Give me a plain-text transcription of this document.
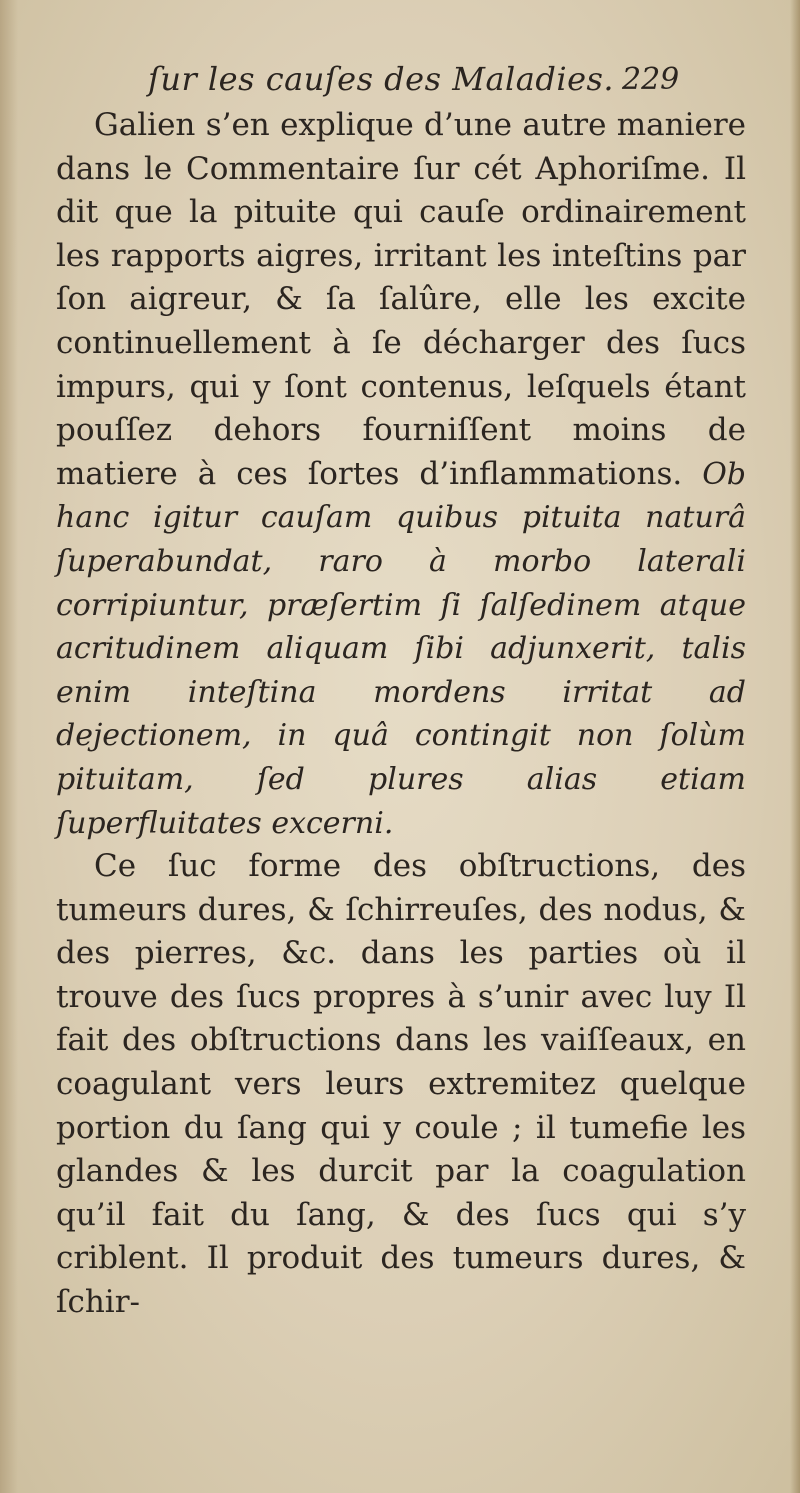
ſur les cauſes des Maladies. 229

Galien s’en explique d’une autre maniere dans le Commentaire ſur cét Aphoriſme. Il dit que la pituite qui cauſe ordinairement les rapports aigres, irritant les inteſtins par ſon aigreur, & ſa ſalûre, elle les excite continuellement à ſe décharger des ſucs impurs, qui y ſont contenus, leſquels étant pouſſez dehors fourniſſent moins de matiere à ces ſortes d’inflammations. Ob hanc igitur cauſam quibus pituita naturâ ſuperabundat, raro à morbo laterali corripiuntur, præſertim ſi ſalſedinem atque acritudinem aliquam ſibi adjunxerit, talis enim inteſtina mordens irritat ad dejectionem, in quâ contingit non ſolùm pituitam, ſed plures alias etiam ſuperfluitates excerni.

Ce ſuc forme des obſtructions, des tumeurs dures, & ſchirreuſes, des nodus, & des pierres, &c. dans les parties où il trouve des ſucs propres à s’unir avec luy Il fait des obſtructions dans les vaiſſeaux, en coagulant vers leurs extremitez quelque portion du ſang qui y coule ; il tumefie les glandes & les durcit par la coagulation qu’il fait du ſang, & des ſucs qui s’y criblent. Il produit des tumeurs dures, & ſchir-
